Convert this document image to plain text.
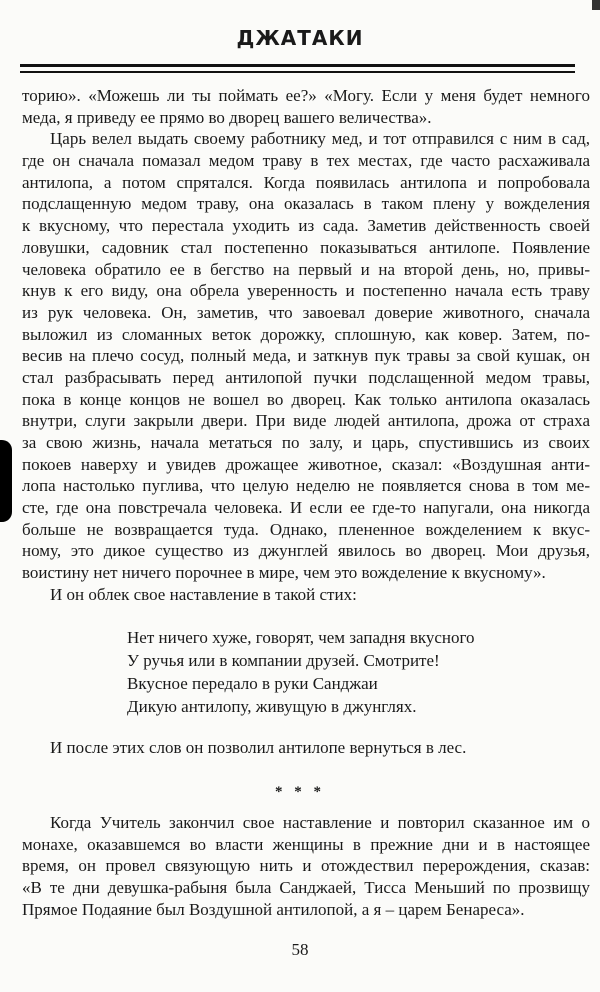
ДЖАТАКИ
торию». «Можешь ли ты поймать ее?» «Могу. Если у меня будет немного
меда, я приведу ее прямо во дворец вашего величества».
Царь велел выдать своему работнику мед, и тот отправился с ним в сад,
где он сначала помазал медом траву в тех местах, где часто расхаживала
антилопа, а потом спрятался. Когда появилась антилопа и попробовала
подслащенную медом траву, она оказалась в таком плену у вожделения
к вкусному, что перестала уходить из сада. Заметив действенность своей
ловушки, садовник стал постепенно показываться антилопе. Появление
человека обратило ее в бегство на первый и на второй день, но, привы-
кнув к его виду, она обрела уверенность и постепенно начала есть траву
из рук человека. Он, заметив, что завоевал доверие животного, сначала
выложил из сломанных веток дорожку, сплошную, как ковер. Затем, по-
весив на плечо сосуд, полный меда, и заткнув пук травы за свой кушак, он
стал разбрасывать перед антилопой пучки подслащенной медом травы,
пока в конце концов не вошел во дворец. Как только антилопа оказалась
внутри, слуги закрыли двери. При виде людей антилопа, дрожа от страха
за свою жизнь, начала метаться по залу, и царь, спустившись из своих
покоев наверху и увидев дрожащее животное, сказал: «Воздушная анти-
лопа настолько пуглива, что целую неделю не появляется снова в том ме-
сте, где она повстречала человека. И если ее где-то напугали, она никогда
больше не возвращается туда. Однако, плененное вожделением к вкус-
ному, это дикое существо из джунглей явилось во дворец. Мои друзья,
воистину нет ничего порочнее в мире, чем это вожделение к вкусному».
И он облек свое наставление в такой стих:
Нет ничего хуже, говорят, чем западня вкусного
У ручья или в компании друзей. Смотрите!
Вкусное передало в руки Санджаи
Дикую антилопу, живущую в джунглях.
И после этих слов он позволил антилопе вернуться в лес.
* * *
Когда Учитель закончил свое наставление и повторил сказанное им о
монахе, оказавшемся во власти женщины в прежние дни и в настоящее
время, он провел связующую нить и отождествил перерождения, сказав:
«В те дни девушка-рабыня была Санджаей, Тисса Меньший по прозвищу
Прямое Подаяние был Воздушной антилопой, а я – царем Бенареса».
58
